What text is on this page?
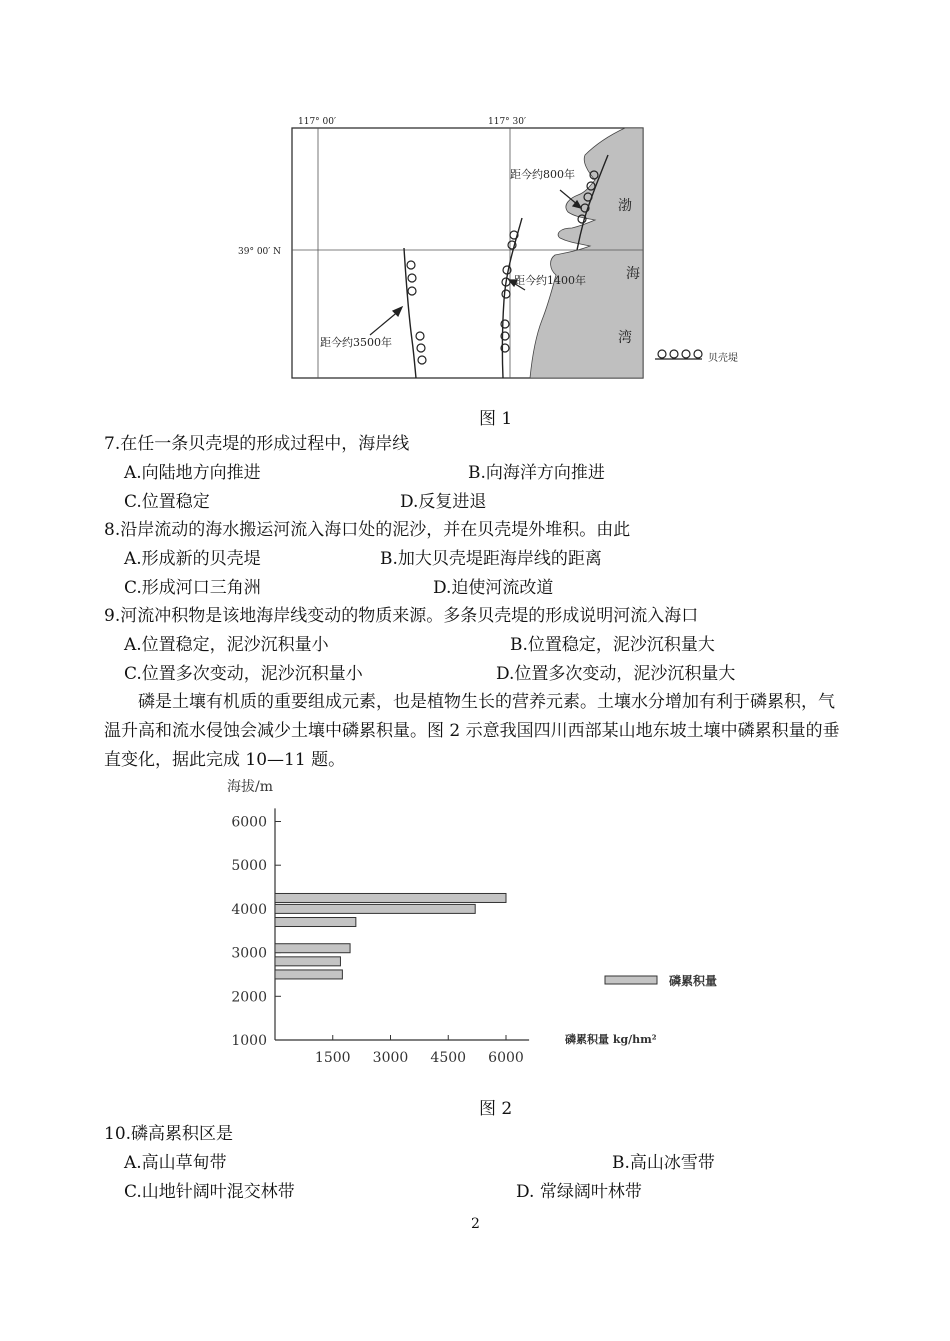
117° 00′	117° 30′
39° 00′ N
距今约800年
距今约1400年
距今约3500年
渤
海
湾
贝壳堤
图 1
7.在任一条贝壳堤的形成过程中，海岸线
A.向陆地方向推进	B.向海洋方向推进
C.位置稳定	D.反复进退
8.沿岸流动的海水搬运河流入海口处的泥沙，并在贝壳堤外堆积。由此
A.形成新的贝壳堤	B.加大贝壳堤距海岸线的距离
C.形成河口三角洲	D.迫使河流改道
9.河流冲积物是该地海岸线变动的物质来源。多条贝壳堤的形成说明河流入海口
A.位置稳定，泥沙沉积量小	B.位置稳定，泥沙沉积量大
C.位置多次变动，泥沙沉积量小	D.位置多次变动，泥沙沉积量大
磷是土壤有机质的重要组成元素，也是植物生长的营养元素。土壤水分增加有利于磷累积，气温升高和流水侵蚀会减少土壤中磷累积量。图 2 示意我国四川西部某山地东坡土壤中磷累积量的垂直变化，据此完成 10—11 题。
1000
2000
3000
4000
5000
6000
1500 3000 4500 6000
海拔/m
磷累积量 kg/hm²
磷累积量
图 2
10.磷高累积区是
A.高山草甸带	B.高山冰雪带
C.山地针阔叶混交林带	D. 常绿阔叶林带
2
